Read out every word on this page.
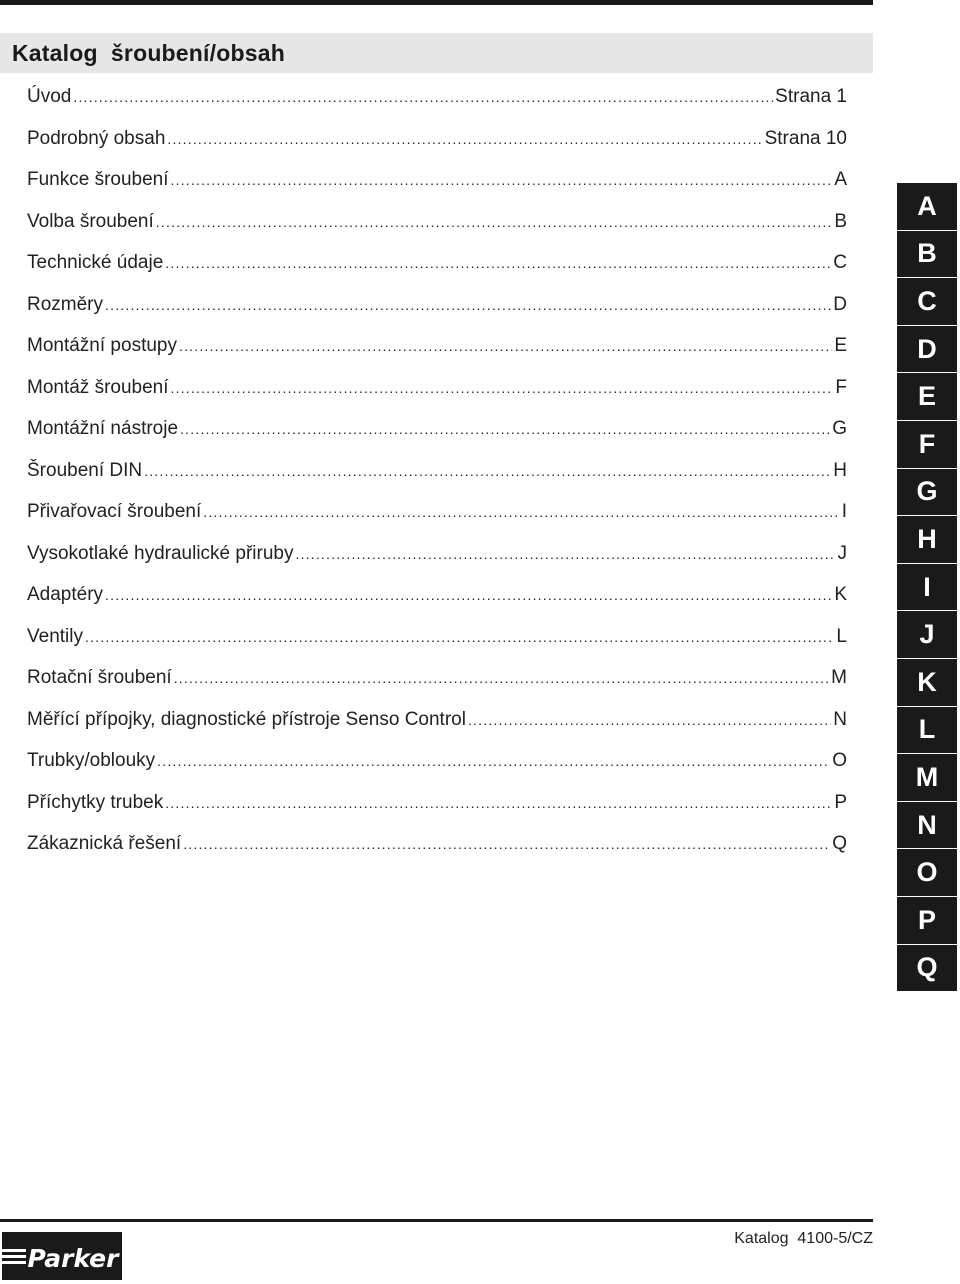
Katalog  šroubení/obsah
Úvod .....	Strana 1
Podrobný obsah .....	Strana 10
Funkce šroubení .....	A
Volba šroubení .....	B
Technické údaje .....	C
Rozměry .....	D
Montážní postupy .....	E
Montáž šroubení .....	F
Montážní nástroje .....	G
Šroubení DIN .....	H
Přivařovací šroubení .....	I
Vysokotlaké hydraulické přiruby .....	J
Adaptéry .....	K
Ventily .....	L
Rotační šroubení .....	M
Měřící přípojky, diagnostické přístroje Senso Control .....	N
Trubky/oblouky .....	O
Příchytky trubek .....	P
Zákaznická řešení .....	Q
A
B
C
D
E
F
G
H
I
J
K
L
M
N
O
P
Q
Parker
Katalog  4100-5/CZ
